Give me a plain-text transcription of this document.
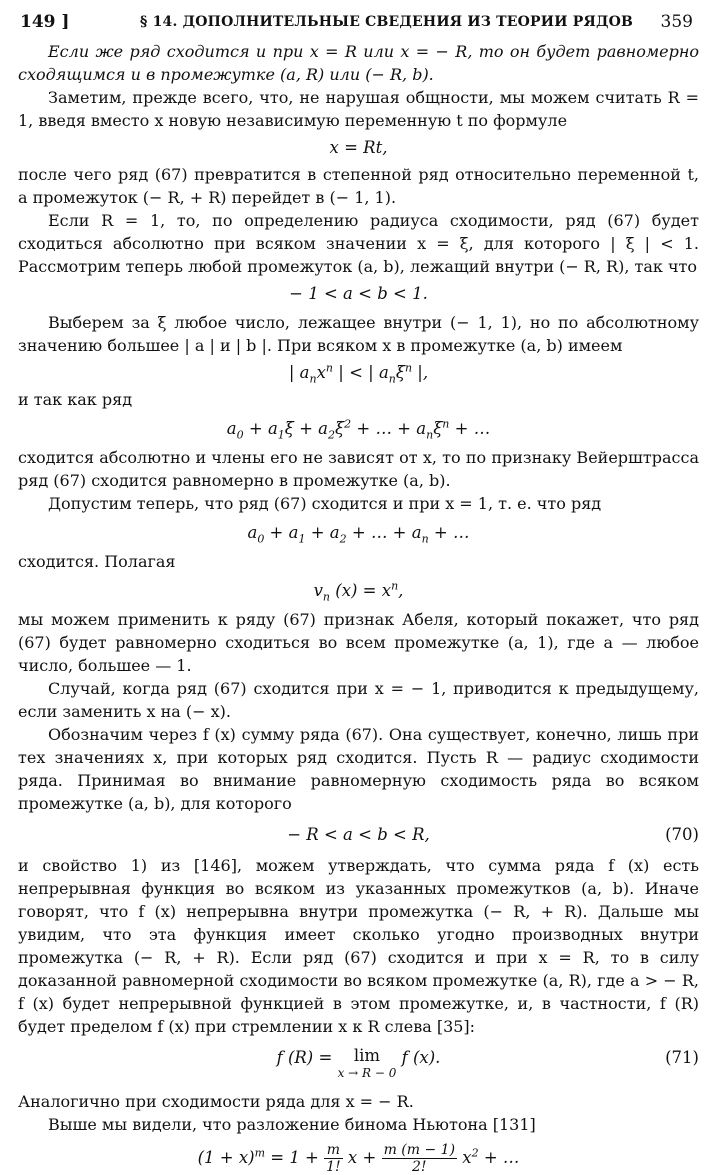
149 ]	§ 14. ДОПОЛНИТЕЛЬНЫЕ СВЕДЕНИЯ ИЗ ТЕОРИИ РЯДОВ 359

Если же ряд сходится и при x = R или x = − R, то он будет равномерно сходящимся и в промежутке (a, R) или (− R, b).

Заметим, прежде всего, что, не нарушая общности, мы можем считать R = 1, введя вместо x новую независимую переменную t по формуле

x = Rt,

после чего ряд (67) превратится в степенной ряд относительно переменной t, а промежуток (− R, + R) перейдет в (− 1, 1).

Если R = 1, то, по определению радиуса сходимости, ряд (67) будет сходиться абсолютно при всяком значении x = ξ, для которого | ξ | < 1. Рассмотрим теперь любой промежуток (a, b), лежащий внутри (− R, R), так что

− 1 < a < b < 1.

Выберем за ξ любое число, лежащее внутри (− 1, 1), но по абсолютному значению большее | a | и | b |. При всяком x в промежутке (a, b) имеем

| $a_nx^n$ | < | $a_n\xi^n$ |,

и так как ряд

$a_0 + a_1\xi + a_2\xi^2$ + … + $a_n\xi^n$ + …

сходится абсолютно и члены его не зависят от x, то по признаку Вейерштрасса ряд (67) сходится равномерно в промежутке (a, b).

Допустим теперь, что ряд (67) сходится и при x = 1, т. е. что ряд

$a_0 + a_1 + a_2$ + … + $a_n$ + …

сходится. Полагая

$v_n$ $(x) = x^n$,

мы можем применить к ряду (67) признак Абеля, который покажет, что ряд (67) будет равномерно сходиться во всем промежутке (a, 1), где a — любое число, большее — 1.

Случай, когда ряд (67) сходится при x = − 1, приводится к предыдущему, если заменить x на (− x).

Обозначим через f (x) сумму ряда (67). Она существует, конечно, лишь при тех значениях x, при которых ряд сходится. Пусть R — радиус сходимости ряда. Принимая во внимание равномерную сходимость ряда во всяком промежутке (a, b), для которого

− R < a < b < R,	(70)

и свойство 1) из [146], можем утверждать, что сумма ряда f (x) есть непрерывная функция во всяком из указанных промежутков (a, b). Иначе говорят, что f (x) непрерывна внутри промежутка (− R, + R). Дальше мы увидим, что эта функция имеет сколько угодно производных внутри промежутка (− R, + R). Если ряд (67) сходится и при x = R, то в силу доказанной равномерной сходимости во всяком промежутке (a, R), где a > − R, f (x) будет непрерывной функцией в этом промежутке, и, в частности, f (R) будет пределом f (x) при стремлении x к R слева [35]:

f (R) = lim
x → R − 0
f (x).	(71)

Аналогично при сходимости ряда для x = − R.

Выше мы видели, что разложение бинома Ньютона [131]

$(1 + x)^m = 1 + \frac{m}{1!}$ $x + \frac{m (m - 1)}{2!} x^2$ + …
